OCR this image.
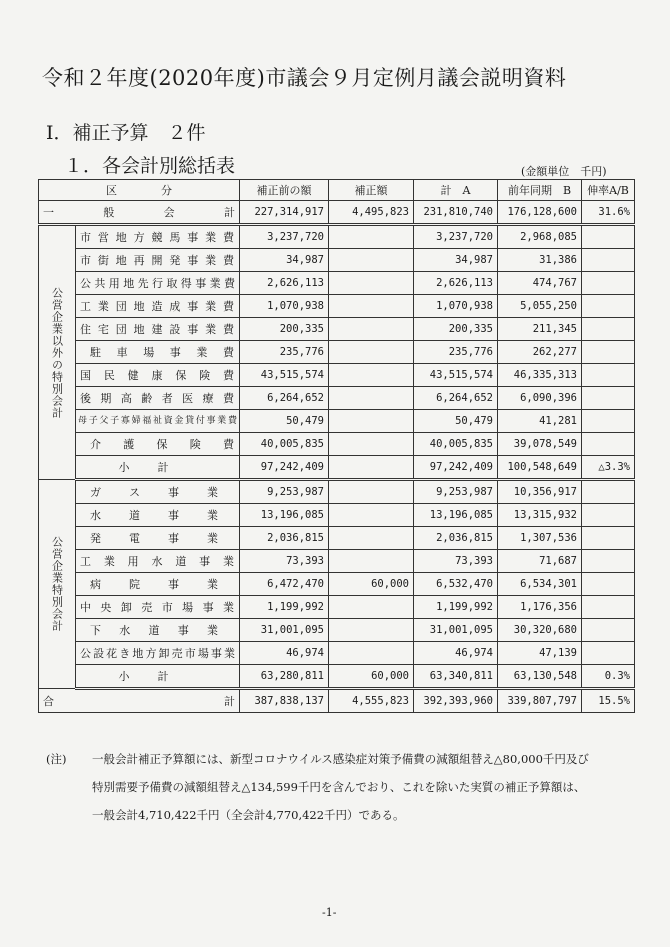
令和２年度(2020年度)市議会９月定例月議会説明資料
Ⅰ．補正予算　２件
１．各会計別総括表	(金額単位　千円)
区　　　　分		補正前の額	補正額	計　A	前年同期　B	伸率A/B
一　　般　　会　　計		227,314,917	4,495,823	231,810,740	176,128,600	31.6%
公営企業以外の特別会計	市営地方競馬事業費	3,237,720		3,237,720	2,968,085	
	市街地再開発事業費	34,987		34,987	31,386	
	公共用地先行取得事業費	2,626,113		2,626,113	474,767	
	工業団地造成事業費	1,070,938		1,070,938	5,055,250	
	住宅団地建設事業費	200,335		200,335	211,345	
	駐車場事業費	235,776		235,776	262,277	
	国民健康保険費	43,515,574		43,515,574	46,335,313	
	後期高齢者医療費	6,264,652		6,264,652	6,090,396	
	母子父子寡婦福祉資金貸付事業費	50,479		50,479	41,281	
	介護保険費	40,005,835		40,005,835	39,078,549	
	小計	97,242,409		97,242,409	100,548,649	△3.3%
公営企業特別会計	ガス事業	9,253,987		9,253,987	10,356,917	
	水道事業	13,196,085		13,196,085	13,315,932	
	発電事業	2,036,815		2,036,815	1,307,536	
	工業用水道事業	73,393		73,393	71,687	
	病院事業	6,472,470	60,000	6,532,470	6,534,301	
	中央卸売市場事業	1,199,992		1,199,992	1,176,356	
	下水道事業	31,001,095		31,001,095	30,320,680	
	公設花き地方卸売市場事業	46,974		46,974	47,139	
	小計	63,280,811	60,000	63,340,811	63,130,548	0.3%
合計		387,838,137	4,555,823	392,393,960	339,807,797	15.5%
(注) 一般会計補正予算額には、新型コロナウイルス感染症対策予備費の減額組替え△80,000千円及び
特別需要予備費の減額組替え△134,599千円を含んでおり、これを除いた実質の補正予算額は、
一般会計4,710,422千円（全会計4,770,422千円）である。
-1-
